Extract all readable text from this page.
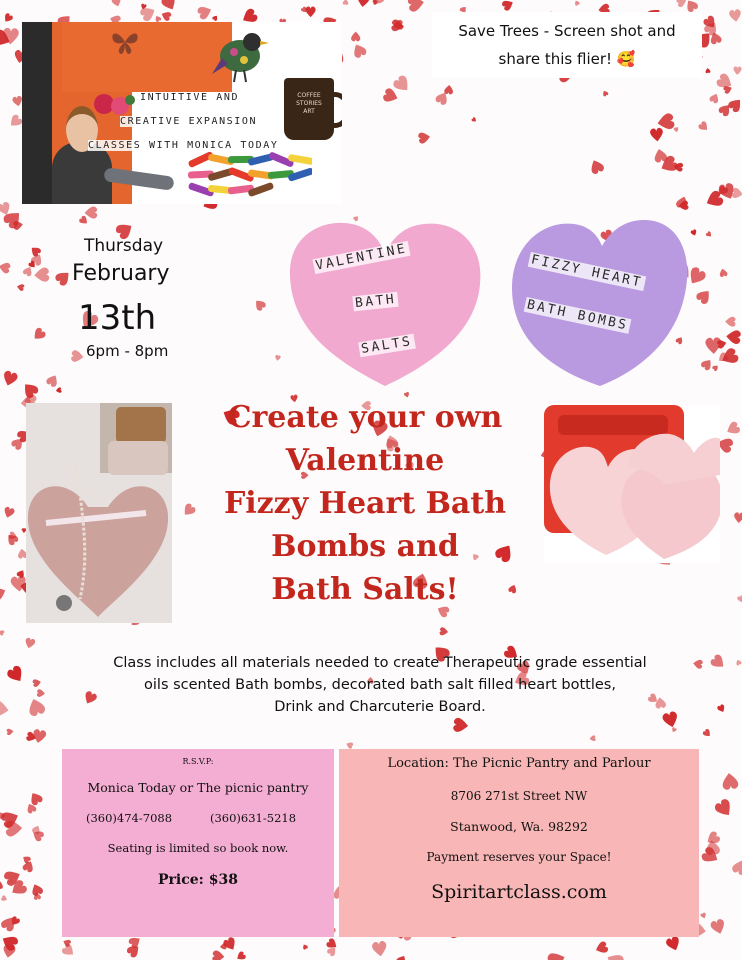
COFFEE
STORIES
ART
INTUITIVE AND
CREATIVE EXPANSION
CLASSES WITH MONICA TODAY
Save Trees - Screen shot and
share this flier! 🥰
Thursday
February
13th
6pm - 8pm
VALENTINE
BATH
SALTS
FIZZY HEART
BATH BOMBS
Create your own
Valentine
Fizzy Heart Bath
Bombs and
Bath Salts!
Class includes all materials needed to create Therapeutic grade essential
oils scented Bath bombs, decorated bath salt filled heart bottles,
Drink and Charcuterie Board.
R.S.V.P:
Monica Today or The picnic pantry
(360)474-7088	(360)631-5218
Seating is limited so book now.
Price: $38
Location: The Picnic Pantry and Parlour
8706 271st Street NW
Stanwood, Wa. 98292
Payment reserves your Space!
Spiritartclass.com
